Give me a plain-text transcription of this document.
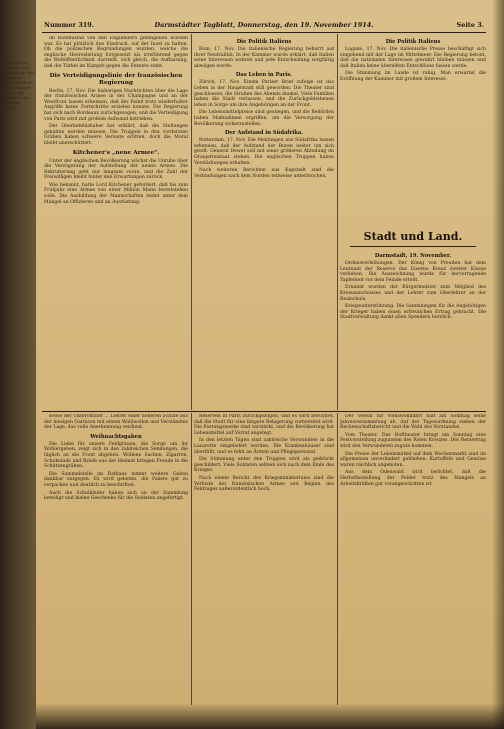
zum Thoms, Altgelds des Orients für die deutsche Gemeinschaft, deren Kampf gegen die Entente, ein Bild der Krieg...
Darmstädter Tagblatt, Donnerstag, den 19. November 1914.
Nummer 319.	Seite 3.

im Bündnisfall von den Engländern gefangenen wurden war. Es hat plötzlich den Eindruck, auf der Insel zu halten. Ob die politischen Begründungen wurden, welche die englische Heeresleitung fortgesetzt als irreführend gegen die Weltöffentlichkeit darstellt, sich gleich, die Auffassung, daß die Türkei im Kampfe gegen die Entente steht.

Die Verteidigungslinie der französischen Regierung

Berlin, 17. Nov. Die bisherigen Nachrichten über die Lage der französischen Armee in der Champagne und an der Westfront lassen erkennen, daß der Feind trotz wiederholter Angriffe keine Fortschritte erzielen konnte. Die Regierung hat sich nach Bordeaux zurückgezogen, und die Verteidigung von Paris wird mit großem Aufwand betrieben.

Der Oberbefehlshaber hat erklärt, daß die Stellungen gehalten werden müssen. Die Truppen in den vordersten Gräben haben schwere Verluste erlitten, doch die Moral bleibt unerschüttert.

Kitchener's „neue Armee".

Unter der englischen Bevölkerung wächst die Unruhe über die Verzögerung der Aufstellung der neuen Armee. Die Rekrutierung geht nur langsam voran, und die Zahl der Freiwilligen bleibt hinter den Erwartungen zurück.

Wie bekannt, hatte Lord Kitchener gefordert, daß bis zum Frühjahr eine Armee von einer Million Mann bereitstehen solle. Die Ausbildung der Mannschaften leidet unter dem Mangel an Offizieren und an Ausrüstung.

Die Politik Italiens

Rom, 17. Nov. Die italienische Regierung beharrt auf ihrer Neutralität. In der Kammer wurde erklärt, daß Italien seine Interessen wahren und jede Entscheidung sorgfältig abwägen werde.

Das Leben in Paris.

Zürich, 17. Nov. Einem Pariser Brief zufolge ist das Leben in der Hauptstadt still geworden. Die Theater sind geschlossen, die Straßen des Abends dunkel. Viele Familien haben die Stadt verlassen, und die Zurückgebliebenen leben in Sorge um ihre Angehörigen an der Front.

Die Lebensmittelpreise sind gestiegen, und die Behörden haben Maßnahmen ergriffen, um die Versorgung der Bevölkerung sicherzustellen.

Der Aufstand in Südafrika.

Rotterdam, 17. Nov. Die Meldungen aus Südafrika lassen erkennen, daß der Aufstand der Buren weiter um sich greift. General Dewet soll mit einer größeren Abteilung im Oranjefreistaat stehen. Die englischen Truppen haben Verstärkungen erhalten.

Nach weiteren Berichten aus Kapstadt sind die Verbindungen nach dem Norden teilweise unterbrochen.

Die Politik Italiens

Lugano, 17. Nov. Die italienische Presse beschäftigt sich eingehend mit der Lage im Mittelmeer. Die Regierung betont, daß die nationalen Interessen gewahrt bleiben müssen und daß Italien keine übereilten Entschlüsse fassen werde.

Die Stimmung im Lande ist ruhig. Man erwartet die Eröffnung der Kammer mit großem Interesse.

Stadt und Land.
Darmstadt, 19. November.

Ordensverleihungen. Der König von Preußen hat dem Leutnant der Reserve das Eiserne Kreuz zweiter Klasse verliehen. Die Auszeichnung wurde für hervorragende Tapferkeit vor dem Feinde erteilt.

Ernannt wurden der Bürgermeister zum Mitglied des Kreisausschusses und der Lehrer zum Oberlehrer an der Realschule.

Kriegsunterstützung. Die Sammlungen für die Angehörigen der Krieger haben einen erfreulichen Ertrag gebracht. Die Stadtverwaltung dankt allen Spendern herzlich.

sowie der Unteroffizier ... Lehrer einer höheren Schule aus der hiesigen Garnison mit einem Wohlwollen und Verständnis der Lage, das volle Anerkennung verdient.

Weihnachtsgaben

Die Liebe für unsere Feldgrauen, die Sorge um ihr Wohlergehen, zeigt sich in den zahlreichen Sendungen, die täglich an die Front abgehen. Wollene Sachen, Zigarren, Schokolade und Briefe aus der Heimat bringen Freude in die Schützengräben.

Die Sammelstelle im Rathaus nimmt weitere Gaben dankbar entgegen. Es wird gebeten, die Pakete gut zu verpacken und deutlich zu beschriften.

Auch die Schulkinder haben sich an der Sammlung beteiligt und kleine Geschenke für die Soldaten angefertigt.

Reserven in Paris zurückgezogen, und es wird berichtet, daß die Stadt für eine längere Belagerung vorbereitet wird. Die Festungswerke sind verstärkt, und die Bevölkerung hat Lebensmittel auf Vorrat angelegt.

In den letzten Tagen sind zahlreiche Verwundete in die Lazarette eingeliefert worden. Die Krankenhäuser sind überfüllt, und es fehlt an Ärzten und Pflegepersonal.

Die Stimmung unter den Truppen wird als gedrückt geschildert. Viele Soldaten sehnen sich nach dem Ende des Krieges.

Nach einem Bericht des Kriegsministeriums sind die Verluste der französischen Armee seit Beginn des Feldzuges außerordentlich hoch.

Der Verein für Volkswohlfahrt hält am Sonntag seine Jahresversammlung ab. Auf der Tagesordnung stehen der Rechenschaftsbericht und die Wahl des Vorstandes.

Vom Theater. Das Hoftheater bringt am Sonntag eine Festvorstellung zugunsten des Roten Kreuzes. Der Reinertrag wird den Verwundeten zugute kommen.

Die Preise der Lebensmittel auf dem Wochenmarkt sind im allgemeinen unverändert geblieben. Kartoffeln und Gemüse waren reichlich angeboten.

Aus dem Odenwald wird berichtet, daß die Herbstbestellung der Felder trotz des Mangels an Arbeitskräften gut vorangeschritten ist.
